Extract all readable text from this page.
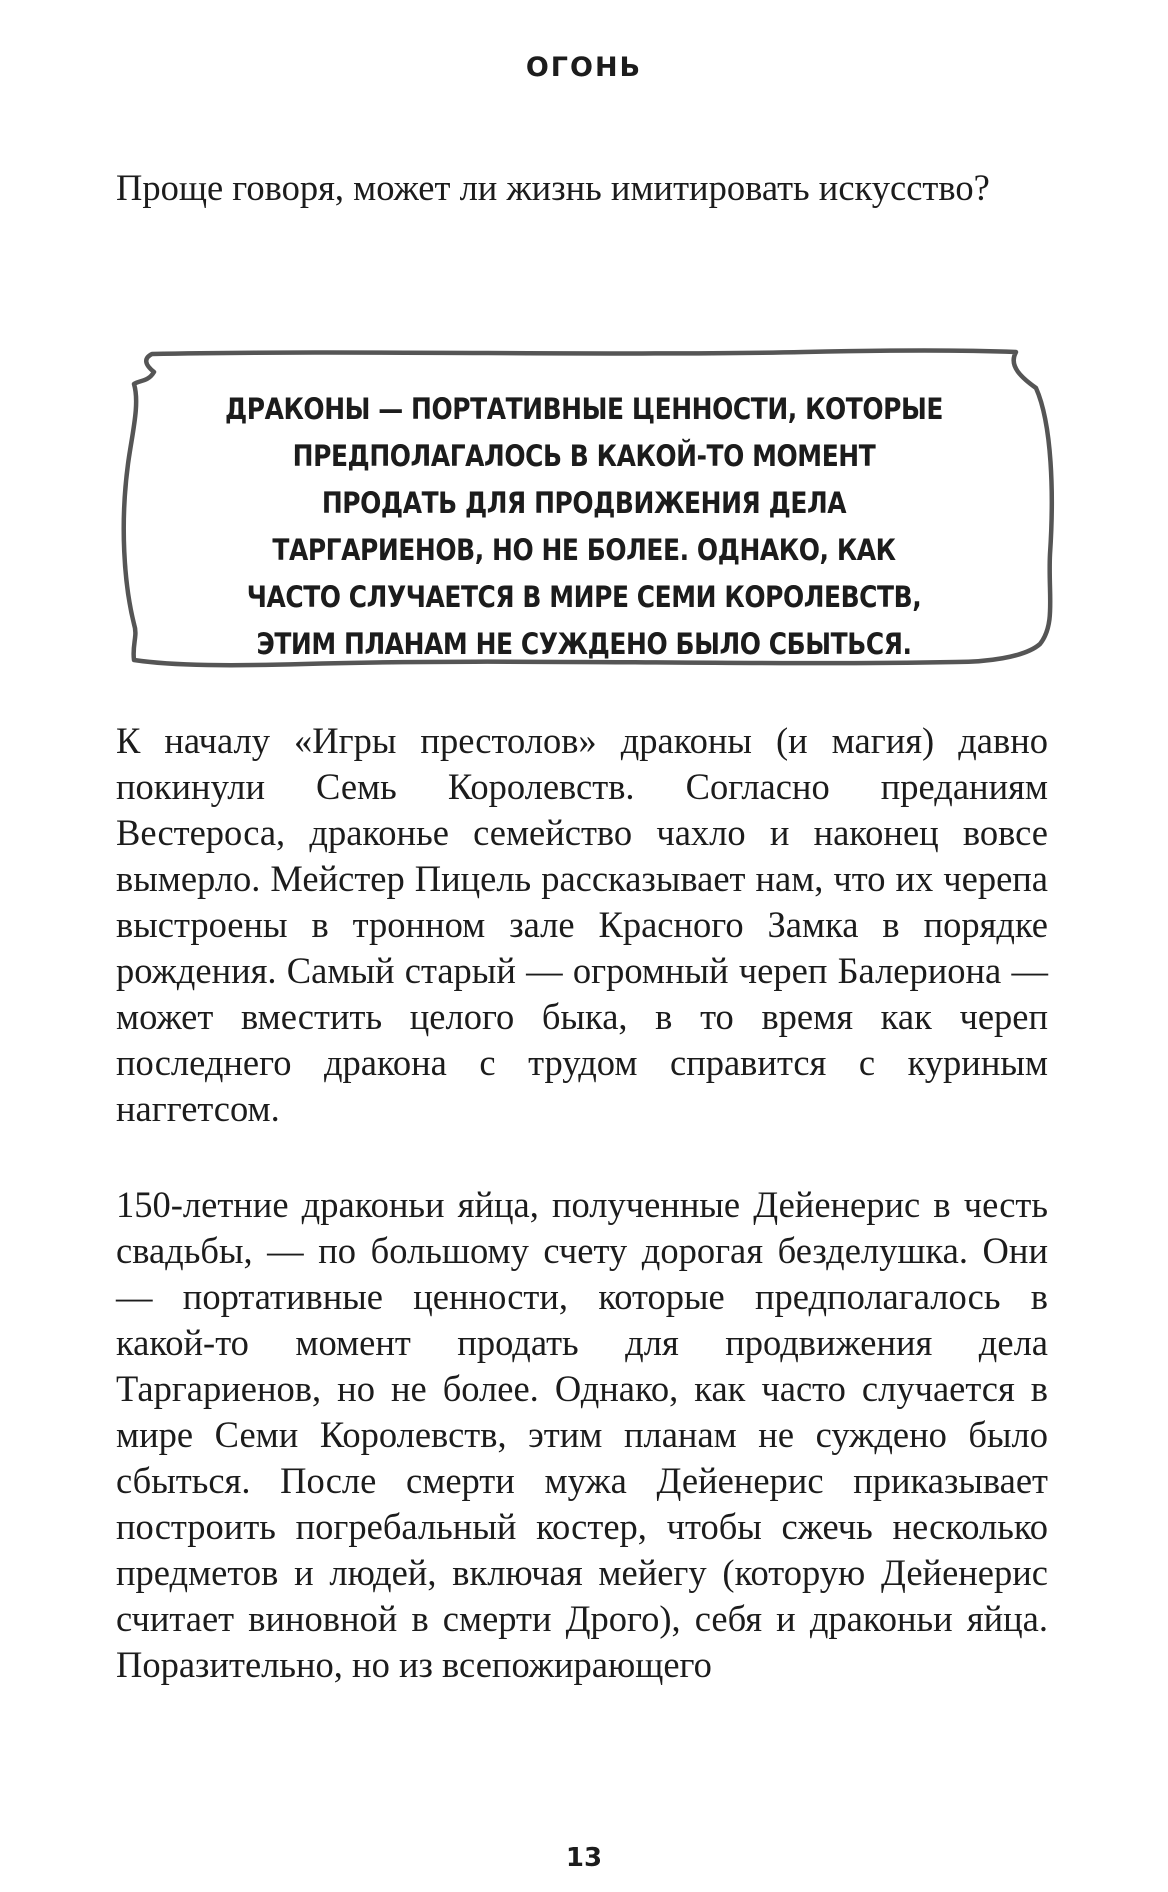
ОГОНЬ

Проще говоря, может ли жизнь имитировать искусство?

ДРАКОНЫ — ПОРТАТИВНЫЕ ЦЕННОСТИ, КОТОРЫЕ ПРЕДПОЛАГАЛОСЬ В КАКОЙ-ТО МОМЕНТ ПРОДАТЬ ДЛЯ ПРОДВИЖЕНИЯ ДЕЛА ТАРГАРИЕНОВ, НО НЕ БОЛЕЕ. ОДНАКО, КАК ЧАСТО СЛУЧАЕТСЯ В МИРЕ СЕМИ КОРОЛЕВСТВ, ЭТИМ ПЛАНАМ НЕ СУЖДЕНО БЫЛО СБЫТЬСЯ.

К началу «Игры престолов» драконы (и магия) давно покинули Семь Королевств. Согласно преданиям Вестероса, драконье семейство чахло и наконец вовсе вымерло. Мейстер Пицель рассказывает нам, что их черепа выстроены в тронном зале Красного Замка в порядке рождения. Самый старый — огромный череп Балериона — может вместить целого быка, в то время как череп последнего дракона с трудом справится с куриным наггетсом.

150-летние драконьи яйца, полученные Дейенерис в честь свадьбы, — по большому счету дорогая безделушка. Они — портативные ценности, которые предполагалось в какой-то момент продать для продвижения дела Таргариенов, но не более. Однако, как часто случается в мире Семи Королевств, этим планам не суждено было сбыться. После смерти мужа Дейенерис приказывает построить погребальный костер, чтобы сжечь несколько предметов и людей, включая мейегу (которую Дейенерис считает виновной в смерти Дрого), себя и драконьи яйца. Поразительно, но из всепожирающего

13
